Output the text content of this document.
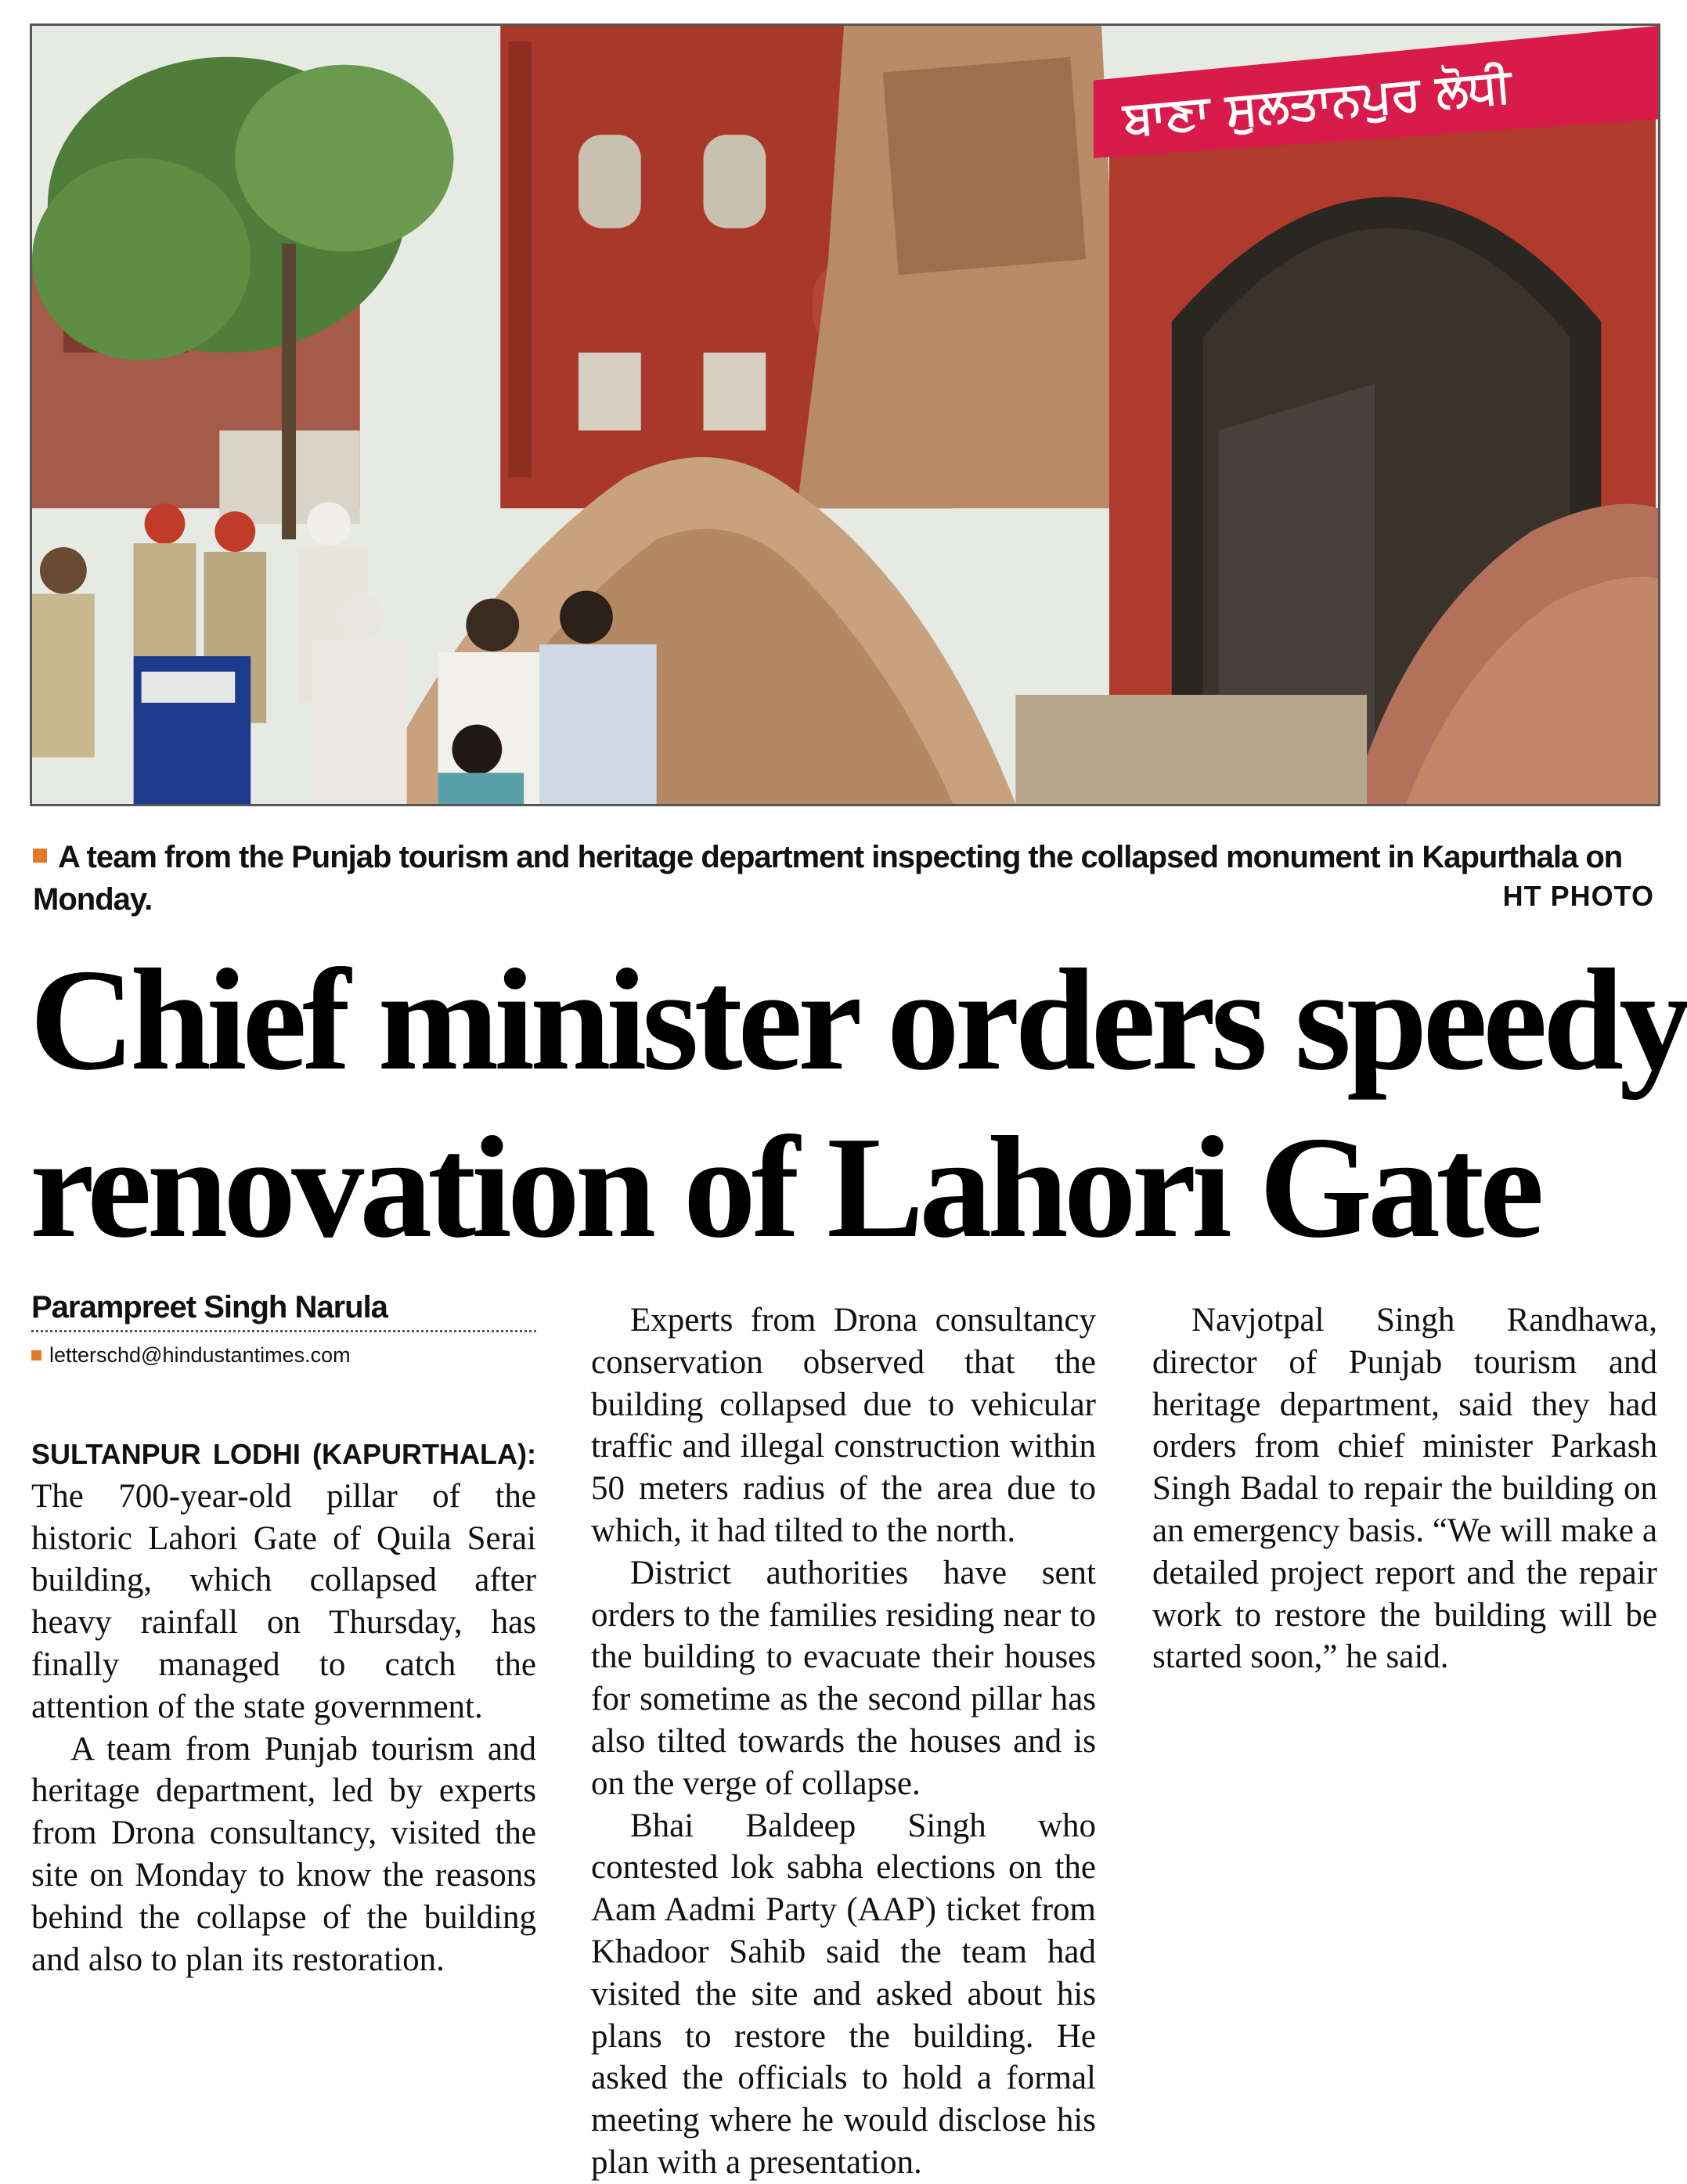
ਬਾਣਾ ਸੁਲਤਾਨਪੁਰ ਲੋਧੀ
A team from the Punjab tourism and heritage department inspecting the collapsed monument in Kapurthala on Monday.	HT PHOTO
Chief minister orders speedy
renovation of Lahori Gate
Parampreet Singh Narula
letterschd@hindustantimes.com

SULTANPUR LODHI (KAPURTHALA): The 700-year-old pillar of the historic Lahori Gate of Quila Serai building, which collapsed after heavy rainfall on Thursday, has finally managed to catch the attention of the state government.

A team from Punjab tourism and heritage department, led by experts from Drona consultancy, visited the site on Monday to know the reasons behind the collapse of the building and also to plan its restoration.

Experts from Drona consultancy conservation observed that the building collapsed due to vehicular traffic and illegal construction within 50 meters radius of the area due to which, it had tilted to the north.

District authorities have sent orders to the families residing near to the building to evacuate their houses for sometime as the second pillar has also tilted towards the houses and is on the verge of collapse.

Bhai Baldeep Singh who contested lok sabha elections on the Aam Aadmi Party (AAP) ticket from Khadoor Sahib said the team had visited the site and asked about his plans to restore the building. He asked the officials to hold a formal meeting where he would disclose his plan with a presentation.

Navjotpal Singh Randhawa, director of Punjab tourism and heritage department, said they had orders from chief minister Parkash Singh Badal to repair the building on an emergency basis. “We will make a detailed project report and the repair work to restore the building will be started soon,” he said.
